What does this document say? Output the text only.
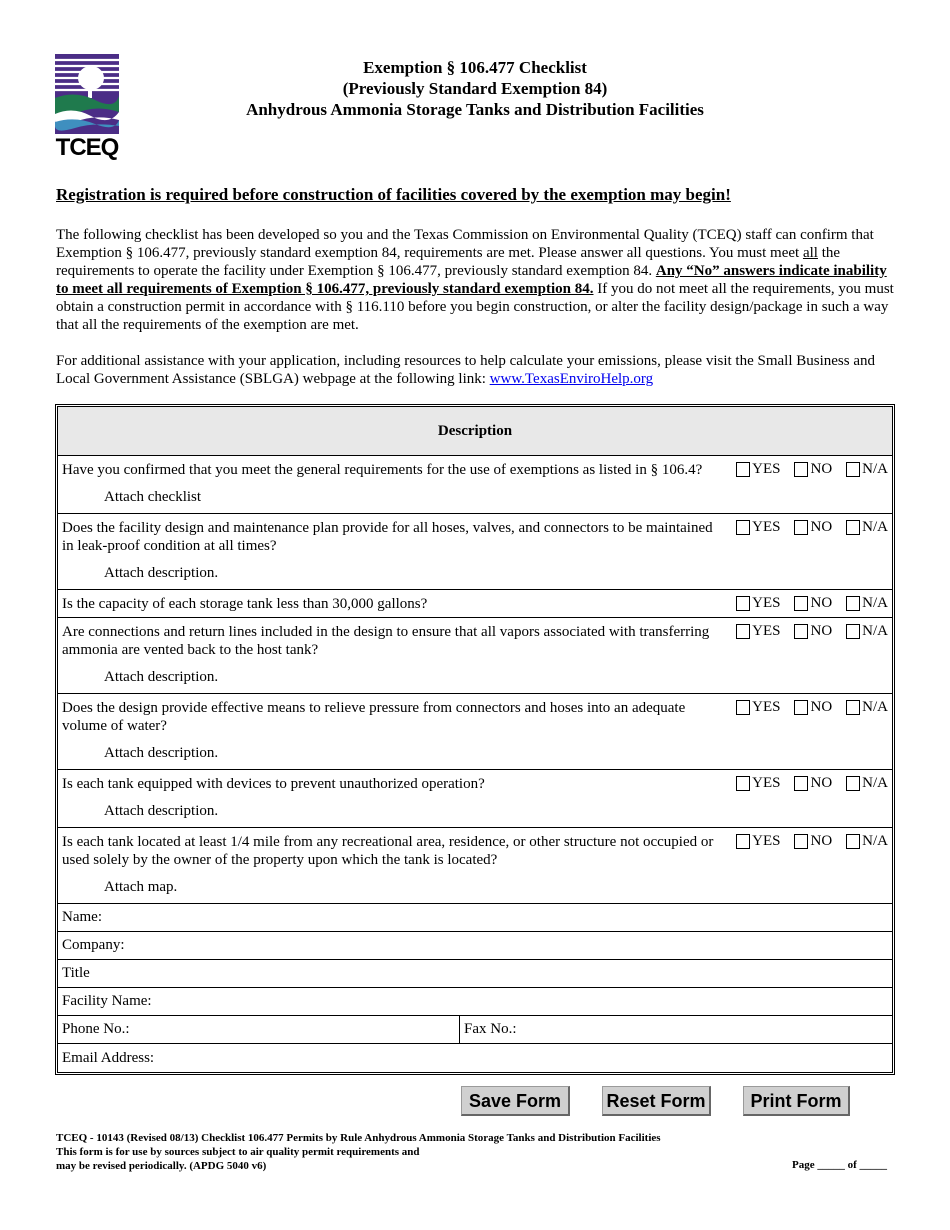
TCEQ
Exemption § 106.477 Checklist
(Previously Standard Exemption 84)
Anhydrous Ammonia Storage Tanks and Distribution Facilities
Registration is required before construction of facilities covered by the exemption may begin!

The following checklist has been developed so you and the Texas Commission on Environmental Quality (TCEQ) staff can confirm that Exemption § 106.477, previously standard exemption 84, requirements are met. Please answer all questions. You must meet all the requirements to operate the facility under Exemption § 106.477, previously standard exemption 84. Any “No” answers indicate inability to meet all requirements of Exemption § 106.477, previously standard exemption 84. If you do not meet all the requirements, you must obtain a construction permit in accordance with § 116.110 before you begin construction, or alter the facility design/package in such a way that all the requirements of the exemption are met.

For additional assistance with your application, including resources to help calculate your emissions, please visit the Small Business and Local Government Assistance (SBLGA) webpage at the following link: www.TexasEnviroHelp.org

Description
Have you confirmed that you meet the general requirements for the use of exemptions as listed in § 106.4?
Attach checklist
YES NO N/A
Does the facility design and maintenance plan provide for all hoses, valves, and connectors to be maintained in leak-proof condition at all times?
Attach description.
YES NO N/A
Is the capacity of each storage tank less than 30,000 gallons?	YES NO N/A
Are connections and return lines included in the design to ensure that all vapors associated with transferring ammonia are vented back to the host tank?
Attach description.
YES NO N/A
Does the design provide effective means to relieve pressure from connectors and hoses into an adequate volume of water?
Attach description.
YES NO N/A
Is each tank equipped with devices to prevent unauthorized operation?
Attach description.
YES NO N/A
Is each tank located at least 1/4 mile from any recreational area, residence, or other structure not occupied or used solely by the owner of the property upon which the tank is located?
Attach map.
YES NO N/A
Name:
Company:
Title
Facility Name:
Phone No.:	Fax No.:
Email Address:
Save Form	Reset Form	Print Form
TCEQ - 10143 (Revised 08/13) Checklist 106.477 Permits by Rule Anhydrous Ammonia Storage Tanks and Distribution Facilities
This form is for use by sources subject to air quality permit requirements and
may be revised periodically. (APDG 5040 v6)	Page _____ of _____
